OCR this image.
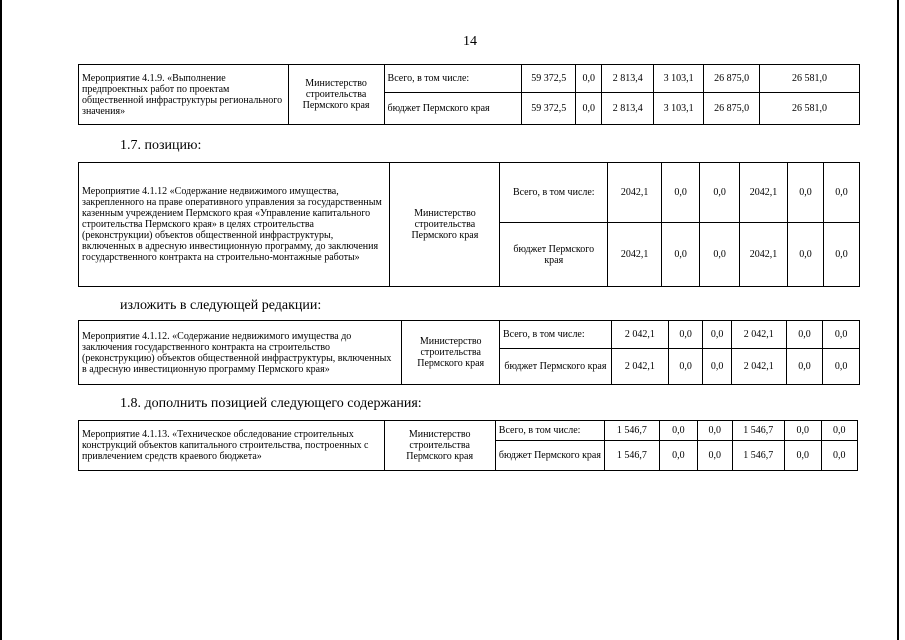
14
Мероприятие 4.1.9. «Выполнение предпроектных работ по проектам общественной инфраструктуры регионального значения»	Министерство строительства Пермского края	Всего, в том числе:	59 372,5	0,0	2 813,4	3 103,1	26 875,0	26 581,0
		бюджет Пермского края	59 372,5	0,0	2 813,4	3 103,1	26 875,0	26 581,0
1.7. позицию:
Мероприятие 4.1.12 «Содержание недвижимого имущества, закрепленного на праве оперативного управления за государственным казенным учреждением Пермского края «Управление капитального строительства Пермского края» в целях строительства (реконструкции) объектов общественной инфраструктуры, включенных в адресную инвестиционную программу, до заключения государственного контракта на строительно-монтажные работы»	Министерство строительства Пермского края	Всего, в том числе:	2042,1	0,0	0,0	2042,1	0,0	0,0
		бюджет Пермского края	2042,1	0,0	0,0	2042,1	0,0	0,0
изложить в следующей редакции:
Мероприятие 4.1.12. «Содержание недвижимого имущества до заключения государственного контракта на строительство (реконструкцию) объектов общественной инфраструктуры, включенных в адресную инвестиционную программу Пермского края»	Министерство строительства Пермского края	Всего, в том числе:	2 042,1	0,0	0,0	2 042,1	0,0	0,0
		бюджет Пермского края	2 042,1	0,0	0,0	2 042,1	0,0	0,0
1.8. дополнить позицией следующего содержания:
Мероприятие 4.1.13. «Техническое обследование строительных конструкций объектов капитального строительства, построенных с привлечением средств краевого бюджета»	Министерство строительства Пермского края	Всего, в том числе:	1 546,7	0,0	0,0	1 546,7	0,0	0,0
		бюджет Пермского края	1 546,7	0,0	0,0	1 546,7	0,0	0,0
